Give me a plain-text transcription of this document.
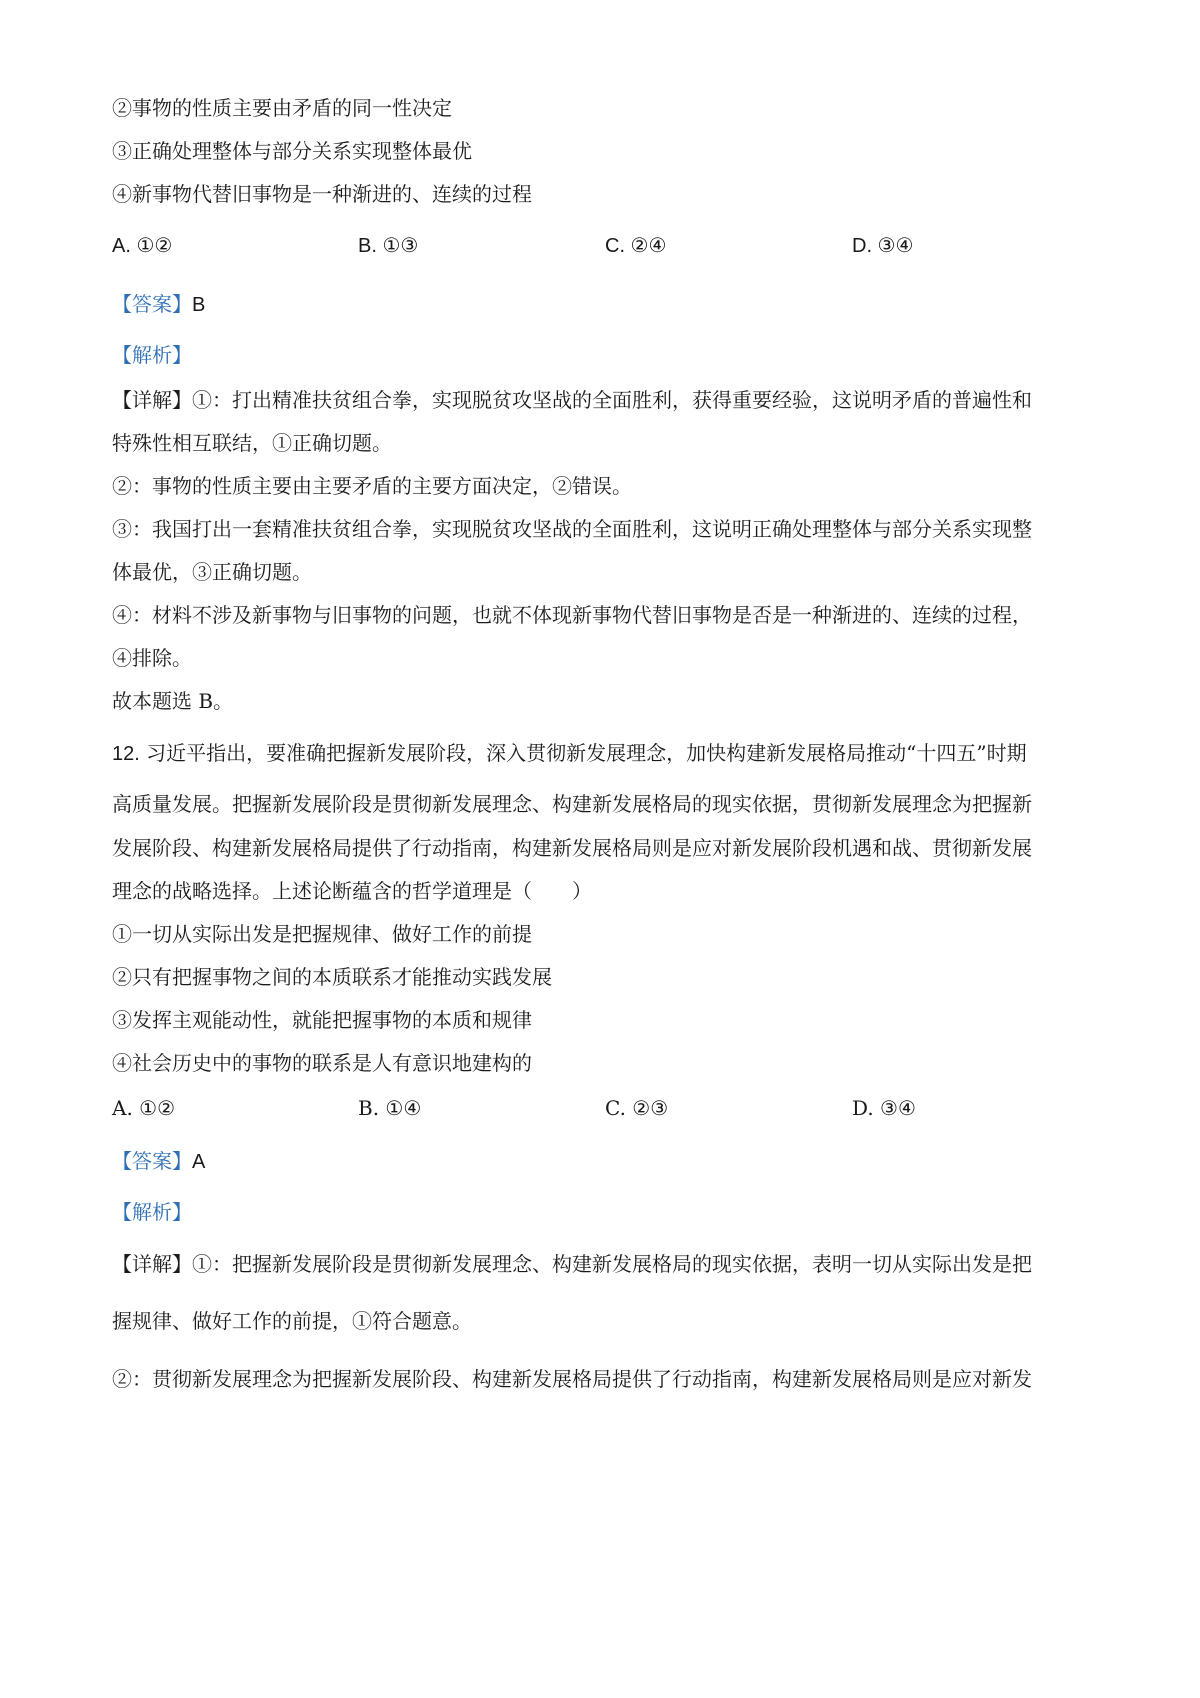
②事物的性质主要由矛盾的同一性决定
③正确处理整体与部分关系实现整体最优
④新事物代替旧事物是一种渐进的、连续的过程
A. ①②	B. ①③	C. ②④	D. ③④
【答案】B
【解析】
【详解】①：打出精准扶贫组合拳，实现脱贫攻坚战的全面胜利，获得重要经验，这说明矛盾的普遍性和
特殊性相互联结，①正确切题。
②：事物的性质主要由主要矛盾的主要方面决定，②错误。
③：我国打出一套精准扶贫组合拳，实现脱贫攻坚战的全面胜利，这说明正确处理整体与部分关系实现整
体最优，③正确切题。
④：材料不涉及新事物与旧事物的问题，也就不体现新事物代替旧事物是否是一种渐进的、连续的过程，
④排除。
故本题选 B。
12. 习近平指出，要准确把握新发展阶段，深入贯彻新发展理念，加快构建新发展格局推动“十四五”时期
高质量发展。把握新发展阶段是贯彻新发展理念、构建新发展格局的现实依据，贯彻新发展理念为把握新
发展阶段、构建新发展格局提供了行动指南，构建新发展格局则是应对新发展阶段机遇和战、贯彻新发展
理念的战略选择。上述论断蕴含的哲学道理是（　　）
①一切从实际出发是把握规律、做好工作的前提
②只有把握事物之间的本质联系才能推动实践发展
③发挥主观能动性，就能把握事物的本质和规律
④社会历史中的事物的联系是人有意识地建构的
A. ①②	B. ①④	C. ②③	D. ③④
【答案】A
【解析】
【详解】①：把握新发展阶段是贯彻新发展理念、构建新发展格局的现实依据，表明一切从实际出发是把
握规律、做好工作的前提，①符合题意。
②：贯彻新发展理念为把握新发展阶段、构建新发展格局提供了行动指南，构建新发展格局则是应对新发
